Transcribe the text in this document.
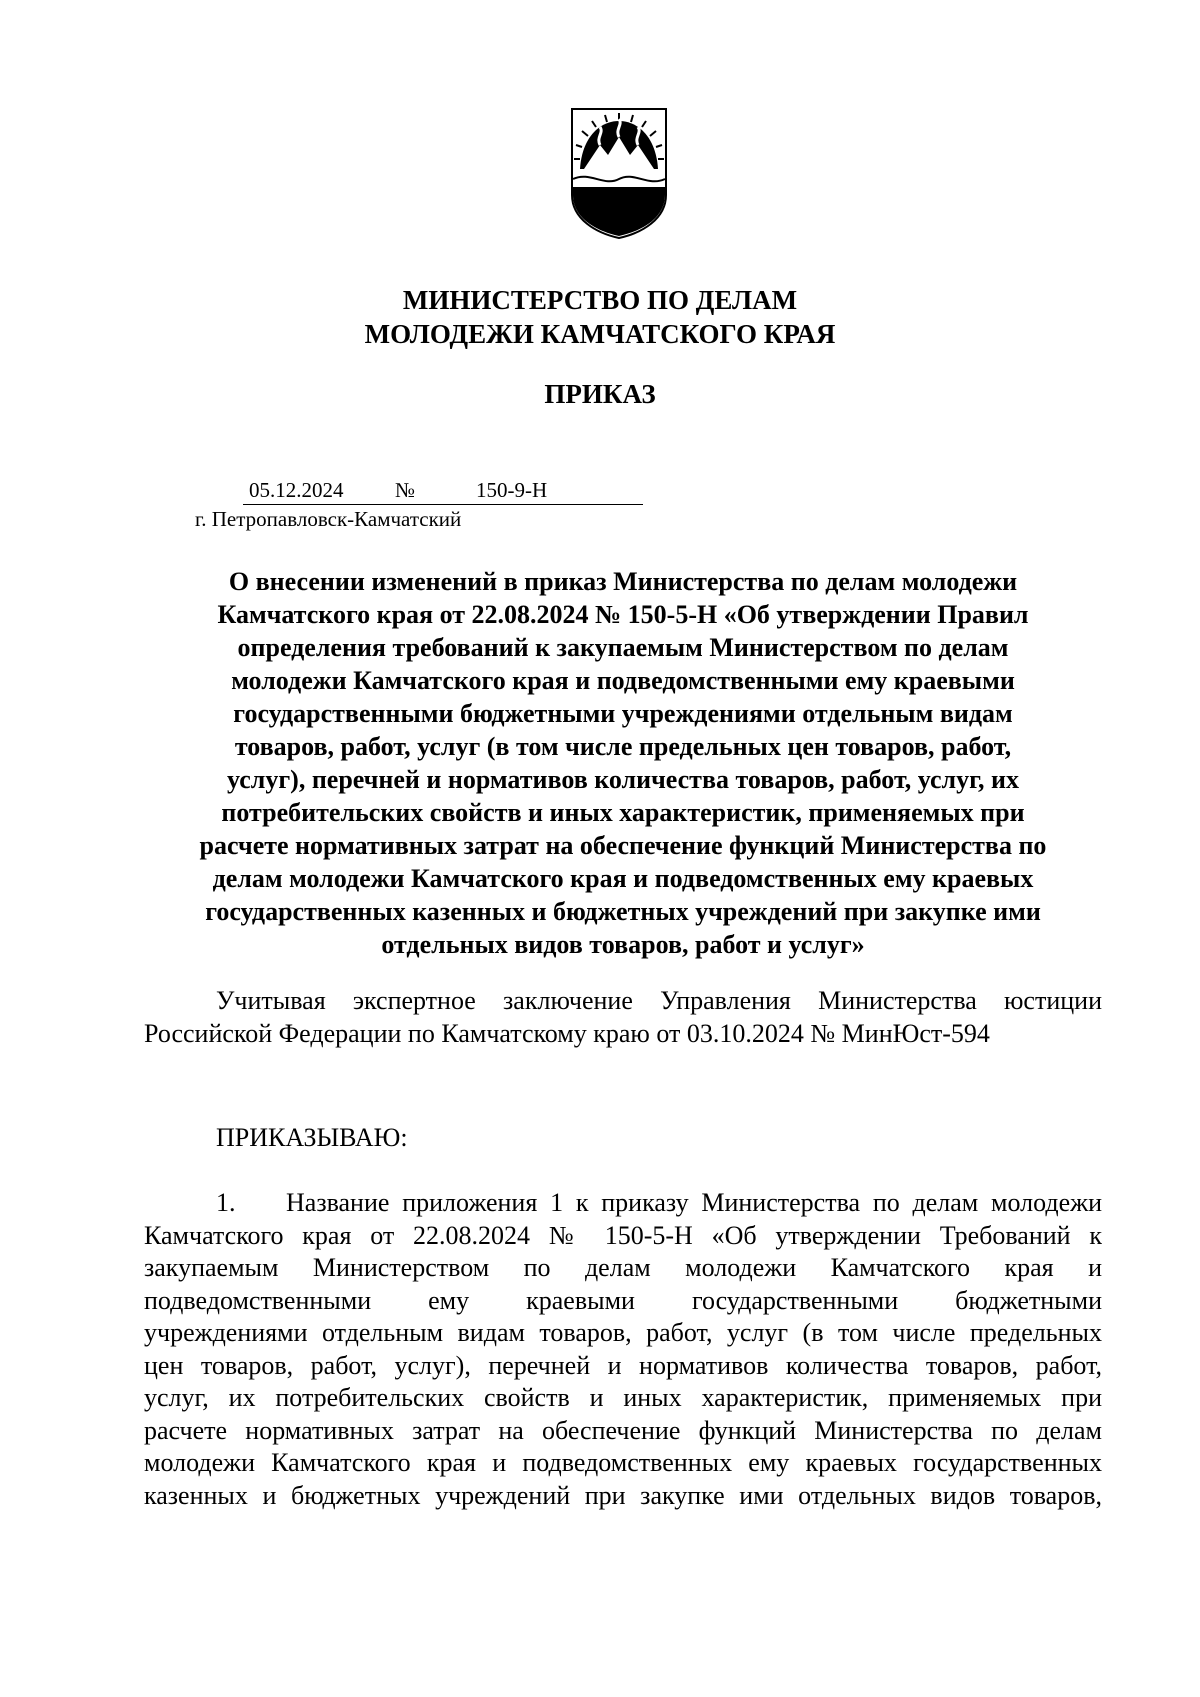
МИНИСТЕРСТВО ПО ДЕЛАМ
МОЛОДЕЖИ КАМЧАТСКОГО КРАЯ
ПРИКАЗ
05.12.2024 №	150-9-Н
г. Петропавловск-Камчатский
О внесении изменений в приказ Министерства по делам молодежи
Камчатского края от 22.08.2024 № 150-5-Н «Об утверждении Правил
определения требований к закупаемым Министерством по делам
молодежи Камчатского края и подведомственными ему краевыми
государственными бюджетными учреждениями отдельным видам
товаров, работ, услуг (в том числе предельных цен товаров, работ,
услуг), перечней и нормативов количества товаров, работ, услуг, их
потребительских свойств и иных характеристик, применяемых при
расчете нормативных затрат на обеспечение функций Министерства по
делам молодежи Камчатского края и подведомственных ему краевых
государственных казенных и бюджетных учреждений при закупке ими
отдельных видов товаров, работ и услуг»
Учитывая экспертное заключение Управления Министерства юстиции
Российской Федерации по Камчатскому краю от 03.10.2024 № МинЮст-594
ПРИКАЗЫВАЮ:
1. Название приложения 1 к приказу Министерства по делам молодежи
Камчатского края от 22.08.2024 № 150-5-Н «Об утверждении Требований к
закупаемым Министерством по делам молодежи Камчатского края и
подведомственными ему краевыми государственными бюджетными
учреждениями отдельным видам товаров, работ, услуг (в том числе предельных
цен товаров, работ, услуг), перечней и нормативов количества товаров, работ,
услуг, их потребительских свойств и иных характеристик, применяемых при
расчете нормативных затрат на обеспечение функций Министерства по делам
молодежи Камчатского края и подведомственных ему краевых государственных
казенных и бюджетных учреждений при закупке ими отдельных видов товаров,
